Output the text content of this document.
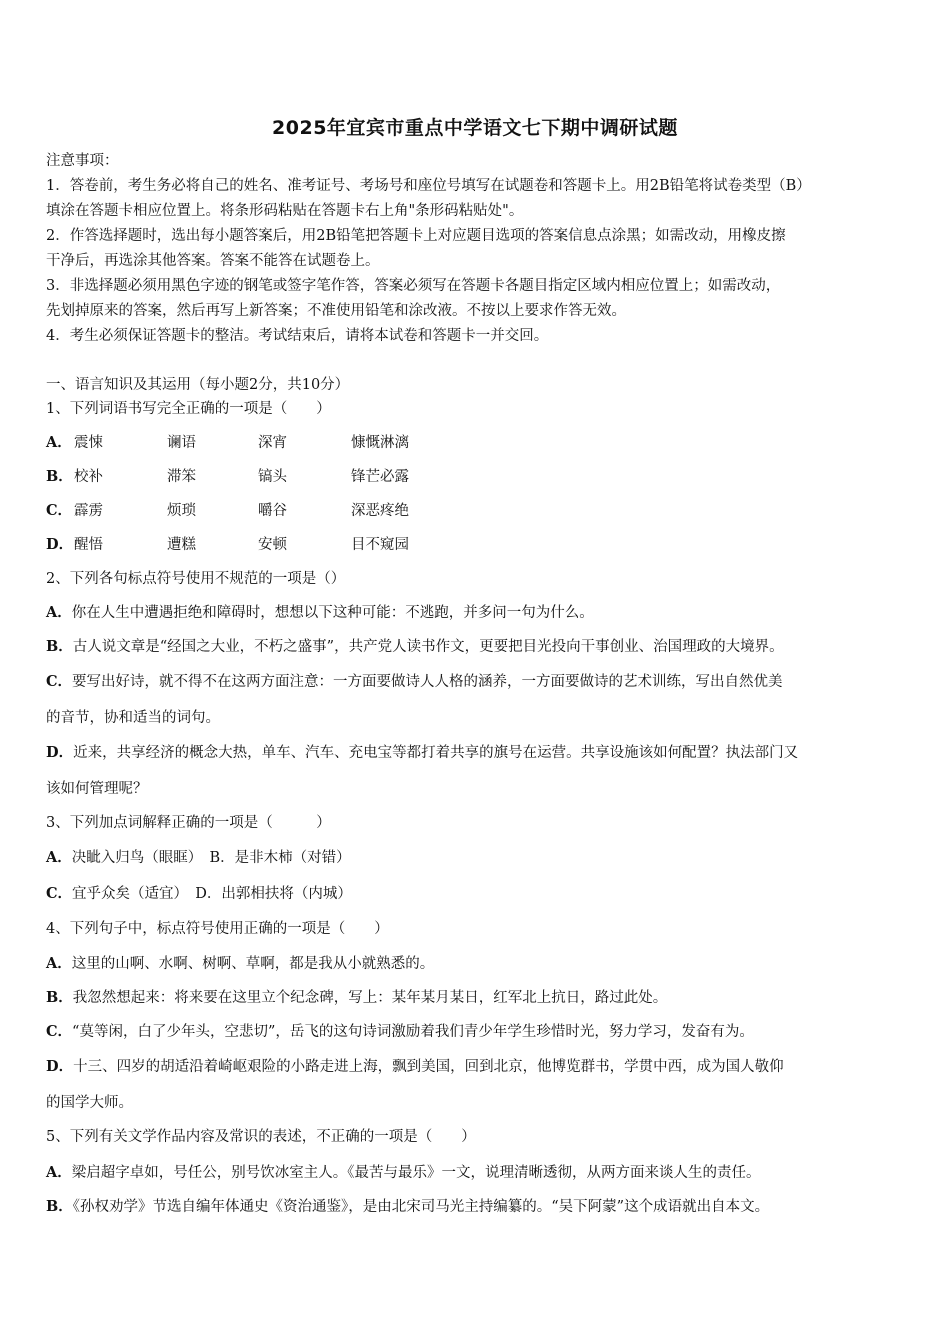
2025年宜宾市重点中学语文七下期中调研试题
注意事项：
1．答卷前，考生务必将自己的姓名、准考证号、考场号和座位号填写在试题卷和答题卡上。用2B铅笔将试卷类型（B）
填涂在答题卡相应位置上。将条形码粘贴在答题卡右上角"条形码粘贴处"。
2．作答选择题时，选出每小题答案后，用2B铅笔把答题卡上对应题目选项的答案信息点涂黑；如需改动，用橡皮擦
干净后，再选涂其他答案。答案不能答在试题卷上。
3．非选择题必须用黑色字迹的钢笔或签字笔作答，答案必须写在答题卡各题目指定区域内相应位置上；如需改动，
先划掉原来的答案，然后再写上新答案；不准使用铅笔和涂改液。不按以上要求作答无效。
4．考生必须保证答题卡的整洁。考试结束后，请将本试卷和答题卡一并交回。
一、语言知识及其运用（每小题2分，共10分）
1、下列词语书写完全正确的一项是（　　）
A． 震悚	谰语	深宵	慷慨淋漓
B． 校补	滞笨	镐头	锋芒必露
C． 霹雳	烦琐	嚼谷	深恶疼绝
D． 醒悟	遭糕	安顿	目不窥园
2、下列各句标点符号使用不规范的一项是（）
A．你在人生中遭遇拒绝和障碍时，想想以下这种可能：不逃跑，并多问一句为什么。
B．古人说文章是“经国之大业，不朽之盛事”，共产党人读书作文，更要把目光投向干事创业、治国理政的大境界。
C．要写出好诗，就不得不在这两方面注意：一方面要做诗人人格的涵养，一方面要做诗的艺术训练，写出自然优美
的音节，协和适当的词句。
D．近来，共享经济的概念大热，单车、汽车、充电宝等都打着共享的旗号在运营。共享设施该如何配置？执法部门又
该如何管理呢？
3、下列加点词解释正确的一项是（　　　）
A．决眦入归鸟（眼眶）　B．是非木柿（对错）
C．宜乎众矣（适宜）　D．出郭相扶将（内城）
4、下列句子中，标点符号使用正确的一项是（　　）
A．这里的山啊、水啊、树啊、草啊，都是我从小就熟悉的。
B．我忽然想起来：将来要在这里立个纪念碑，写上：某年某月某日，红军北上抗日，路过此处。
C．“莫等闲，白了少年头，空悲切”，岳飞的这句诗词激励着我们青少年学生珍惜时光，努力学习，发奋有为。
D．十三、四岁的胡适沿着崎岖艰险的小路走进上海，飘到美国，回到北京，他博览群书，学贯中西，成为国人敬仰
的国学大师。
5、下列有关文学作品内容及常识的表述，不正确的一项是（　　）
A．梁启超字卓如，号任公，别号饮冰室主人。《最苦与最乐》一文，说理清晰透彻，从两方面来谈人生的责任。
B．《孙权劝学》节选自编年体通史《资治通鉴》，是由北宋司马光主持编纂的。“吴下阿蒙”这个成语就出自本文。
